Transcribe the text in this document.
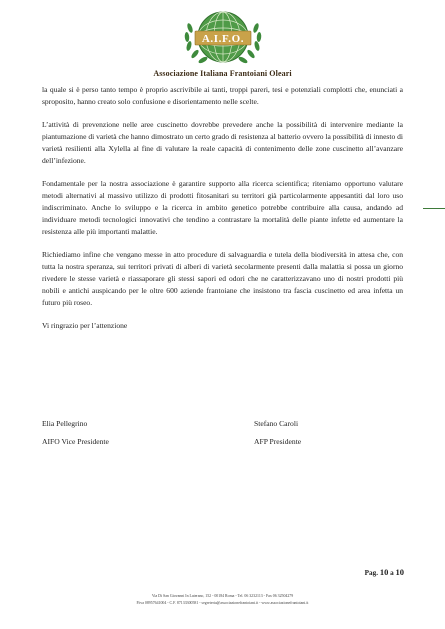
A.I.F.O.
Associazione Italiana Frantoiani Oleari

la quale si è perso tanto tempo è proprio ascrivibile ai tanti, troppi pareri, tesi e potenziali complotti che, enunciati a sproposito, hanno creato solo confusione e disorientamento nelle scelte.

L’attività di prevenzione nelle aree cuscinetto dovrebbe prevedere anche la possibilità di intervenire mediante la piantumazione di varietà che hanno dimostrato un certo grado di resistenza al batterio ovvero la possibilità di innesto di varietà resilienti alla Xylella al fine di valutare la reale capacità di contenimento delle zone cuscinetto all’avanzare dell’infezione.

Fondamentale per la nostra associazione è garantire supporto alla ricerca scientifica; riteniamo opportuno valutare metodi alternativi al massivo utilizzo di prodotti fitosanitari su territori già particolarmente appesantiti dal loro uso indiscriminato. Anche lo sviluppo e la ricerca in ambito genetico potrebbe contribuire alla causa, andando ad individuare metodi tecnologici innovativi che tendino a contrastare la mortalità delle piante infette ed aumentare la resistenza alle più importanti malattie.

Richiediamo infine che vengano messe in atto procedure di salvaguardia e tutela della biodiversità in attesa che, con tutta la nostra speranza, sui territori privati di alberi di varietà secolarmente presenti dalla malattia si possa un giorno rivedere le stesse varietà e riassaporare gli stessi sapori ed odori che ne caratterizzavano uno di nostri prodotti più nobili e antichi auspicando per le oltre 600 aziende frantoiane che insistono tra fascia cuscinetto ed area infetta un futuro più roseo.

Vi ringrazio per l’attenzione

Elia Pellegrino	Stefano Caroli
AIFO Vice Presidente	AFP Presidente
Pag. 10 a 10
Via Di San Giovanni In Laterano, 152 - 00184 Roma - Tel. 06 3232113 - Fax 06 32504279
P.iva 08957641004 - C.F. 87133300581 - segreteria@associazionefrantoiani.it - www.associazionefrantoiani.it
